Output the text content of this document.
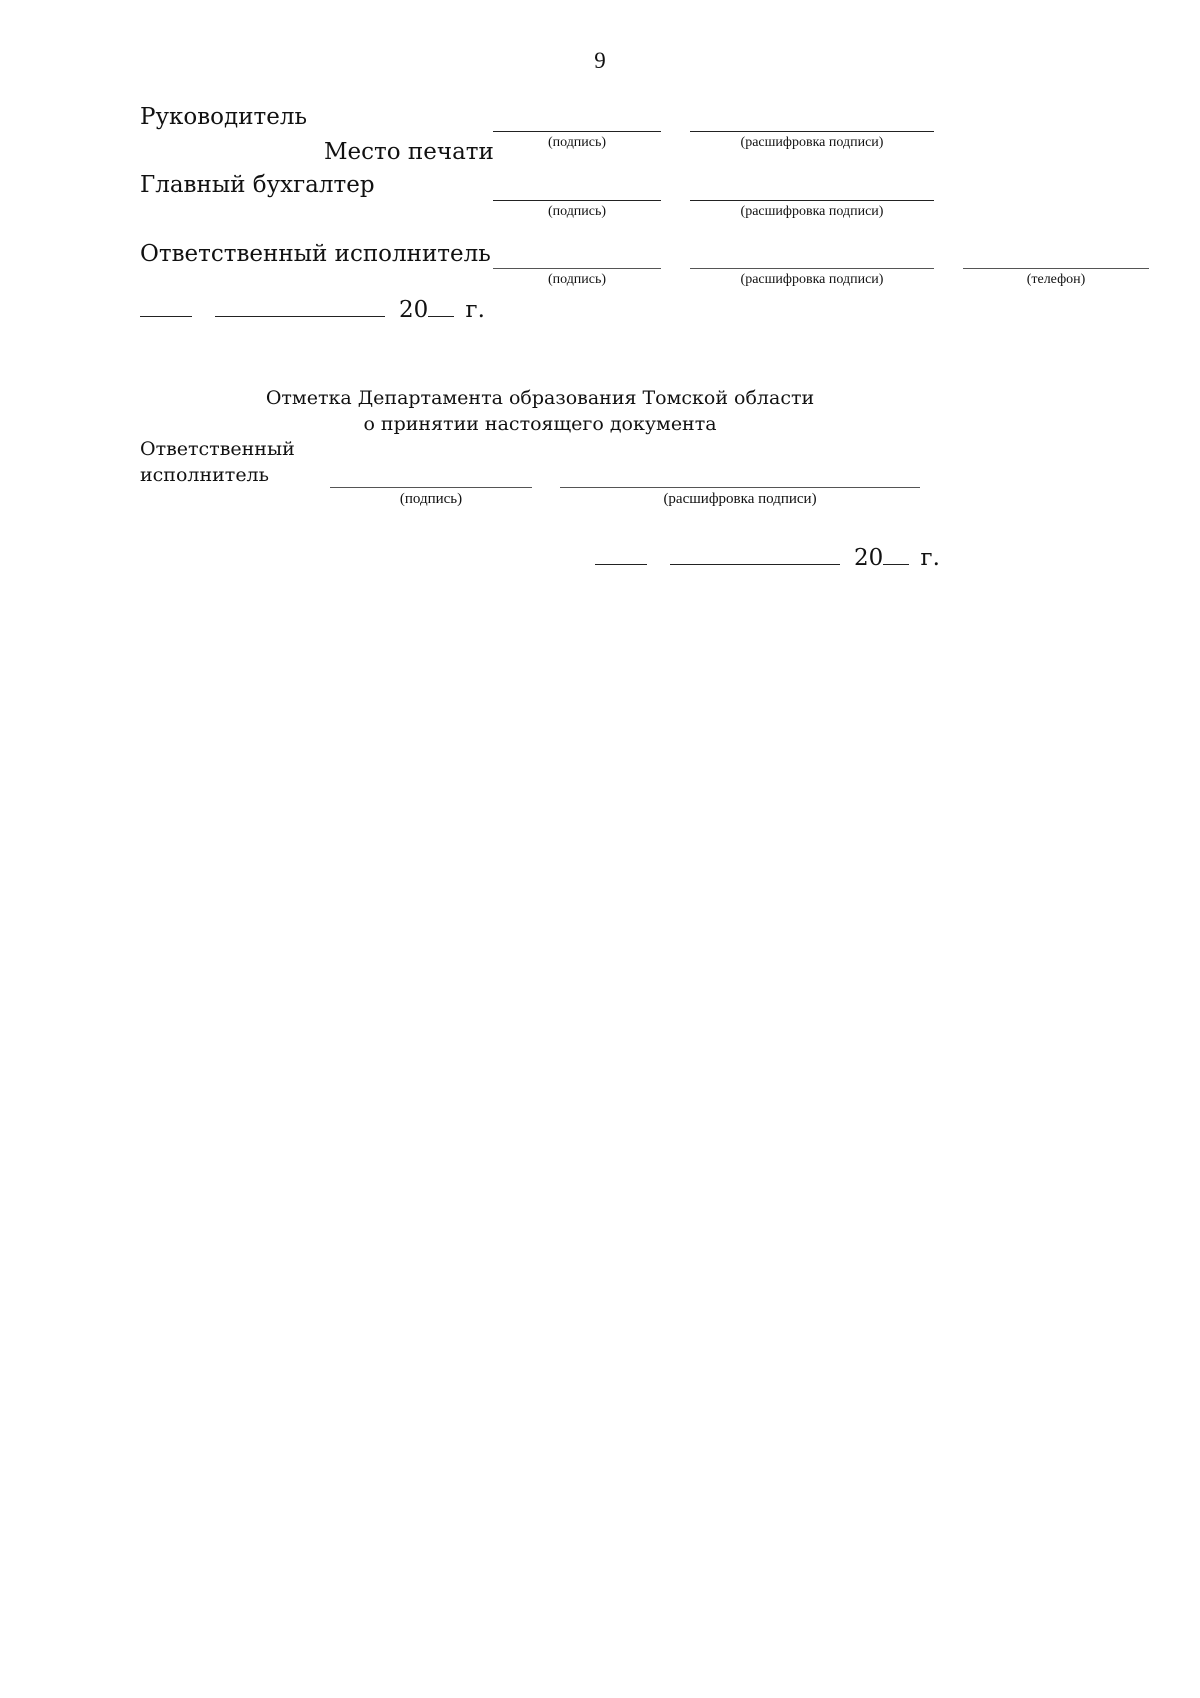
9
Руководитель
(подпись)	(расшифровка подписи)
Место печати
Главный бухгалтер
(подпись)	(расшифровка подписи)
Ответственный исполнитель
(подпись)	(расшифровка подписи)	(телефон)
20 г.
Отметка Департамента образования Томской области
о принятии настоящего документа
Ответственный
исполнитель
(подпись)	(расшифровка подписи)
20 г.
